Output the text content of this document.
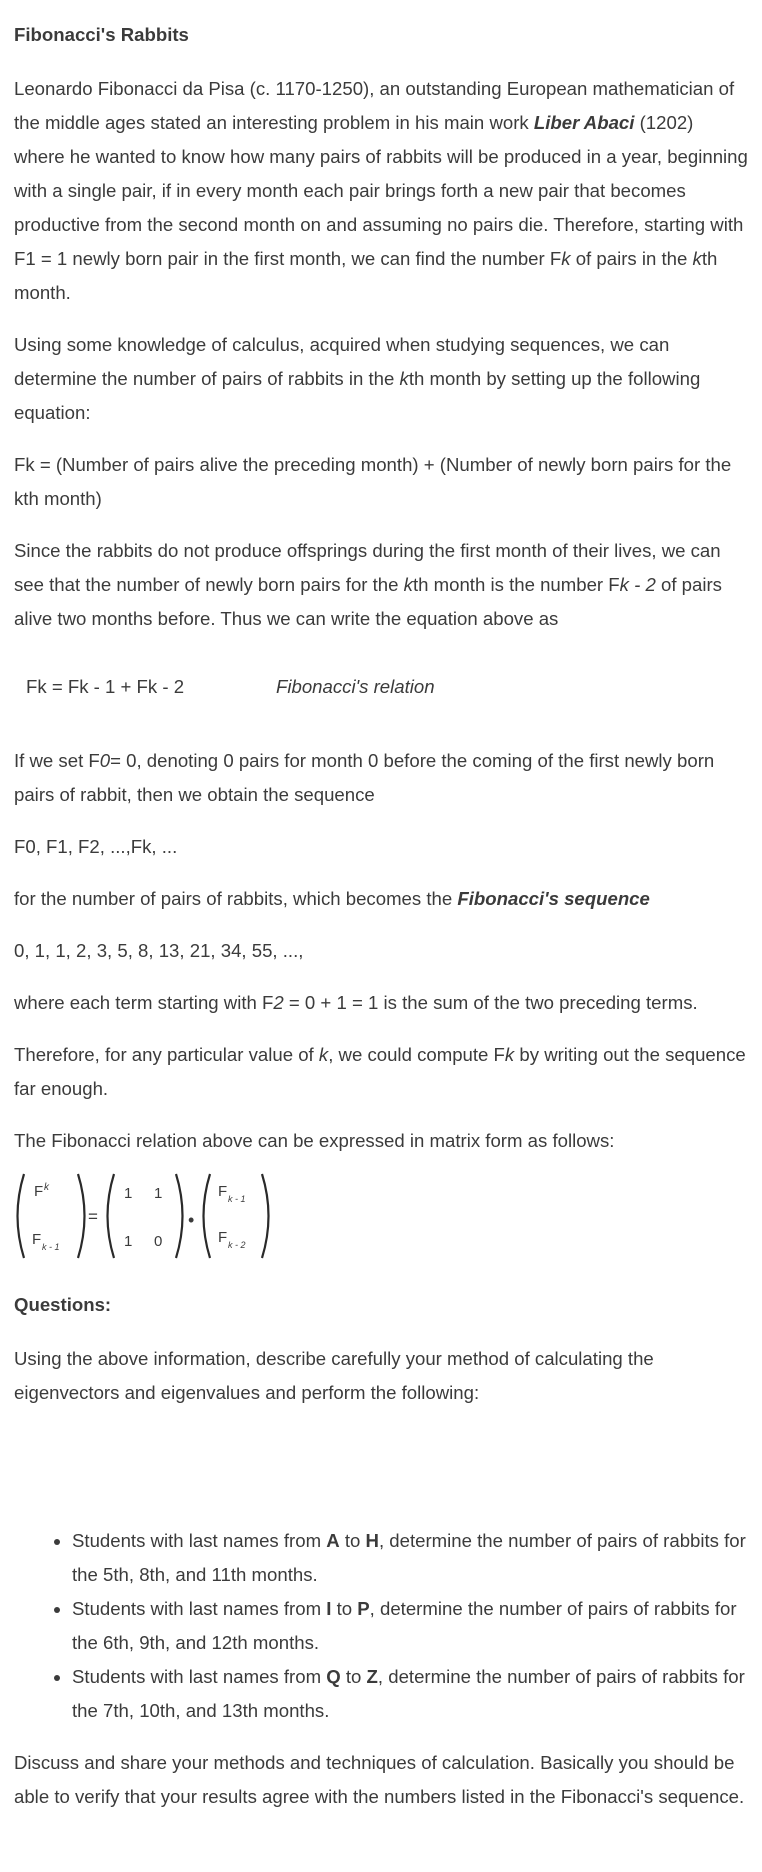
Fibonacci's Rabbits

Leonardo Fibonacci da Pisa (c. 1170-1250), an outstanding European mathematician of the middle ages stated an interesting problem in his main work Liber Abaci (1202) where he wanted to know how many pairs of rabbits will be produced in a year, beginning with a single pair, if in every month each pair brings forth a new pair that becomes productive from the second month on and assuming no pairs die. Therefore, starting with F1 = 1 newly born pair in the first month, we can find the number Fk of pairs in the kth month.

Using some knowledge of calculus, acquired when studying sequences, we can determine the number of pairs of rabbits in the kth month by setting up the following equation:

Fk = (Number of pairs alive the preceding month) + (Number of newly born pairs for the kth month)

Since the rabbits do not produce offsprings during the first month of their lives, we can see that the number of newly born pairs for the kth month is the number Fk - 2 of pairs alive two months before. Thus we can write the equation above as

Fk = Fk - 1 + Fk - 2	Fibonacci's relation

If we set F0= 0, denoting 0 pairs for month 0 before the coming of the first newly born pairs of rabbit, then we obtain the sequence

F0, F1, F2, ...,Fk, ...

for the number of pairs of rabbits, which becomes the Fibonacci's sequence

0, 1, 1, 2, 3, 5, 8, 13, 21, 34, 55, ...,

where each term starting with F2 = 0 + 1 = 1 is the sum of the two preceding terms.

Therefore, for any particular value of k, we could compute Fk by writing out the sequence far enough.

The Fibonacci relation above can be expressed in matrix form as follows:

F k
F k - 1
=
1 1
1 0
•
F k - 1
F k - 2

Questions:

Using the above information, describe carefully your method of calculating the eigenvectors and eigenvalues and perform the following:

• Students with last names from A to H, determine the number of pairs of rabbits for the 5th, 8th, and 11th months.
• Students with last names from I to P, determine the number of pairs of rabbits for the 6th, 9th, and 12th months.
• Students with last names from Q to Z, determine the number of pairs of rabbits for the 7th, 10th, and 13th months.

Discuss and share your methods and techniques of calculation. Basically you should be able to verify that your results agree with the numbers listed in the Fibonacci's sequence.
